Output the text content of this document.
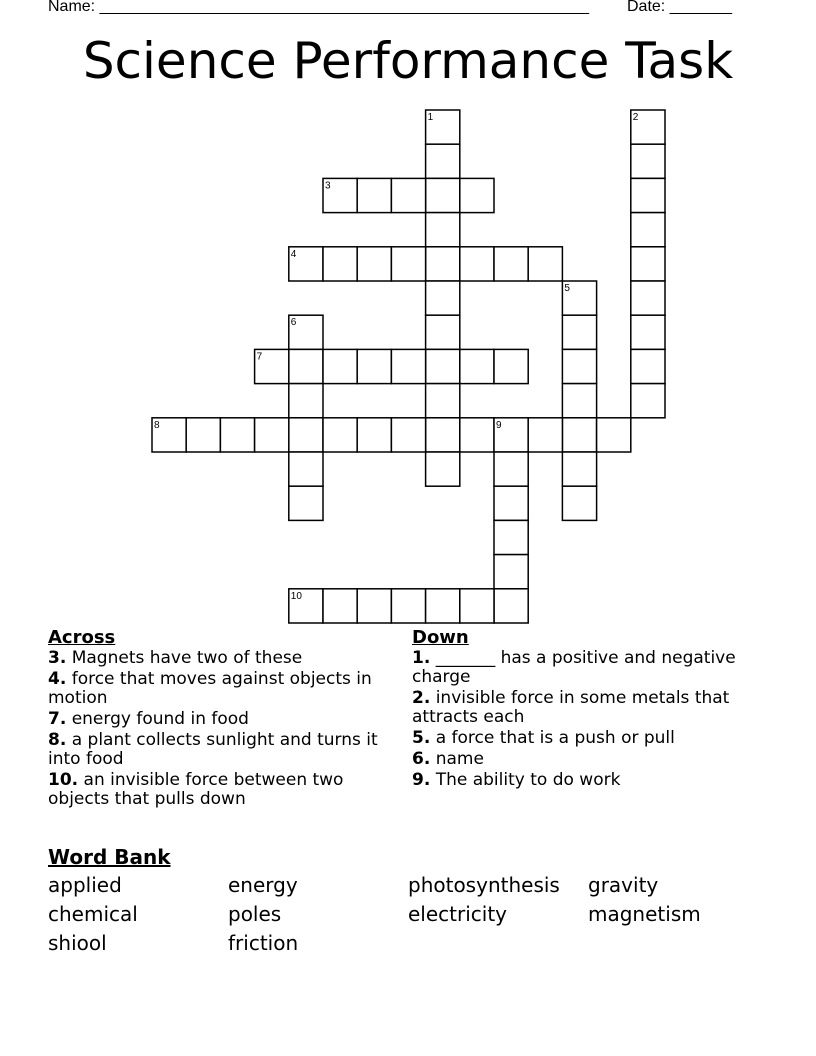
Name: _______________________________________________________ Date: _______
Science Performance Task
1	2
3
4
5
6
7
8	9
10
Across
3. Magnets have two of these
4. force that moves against objects in motion
7. energy found in food
8. a plant collects sunlight and turns it into food
10. an invisible force between two objects that pulls down
Down
1. _______ has a positive and negative charge
2. invisible force in some metals that attracts each
5. a force that is a push or pull
6. name
9. The ability to do work
Word Bank
applied	energy	photosynthesis	gravity
chemical	poles	electricity	magnetism
shiool	friction
